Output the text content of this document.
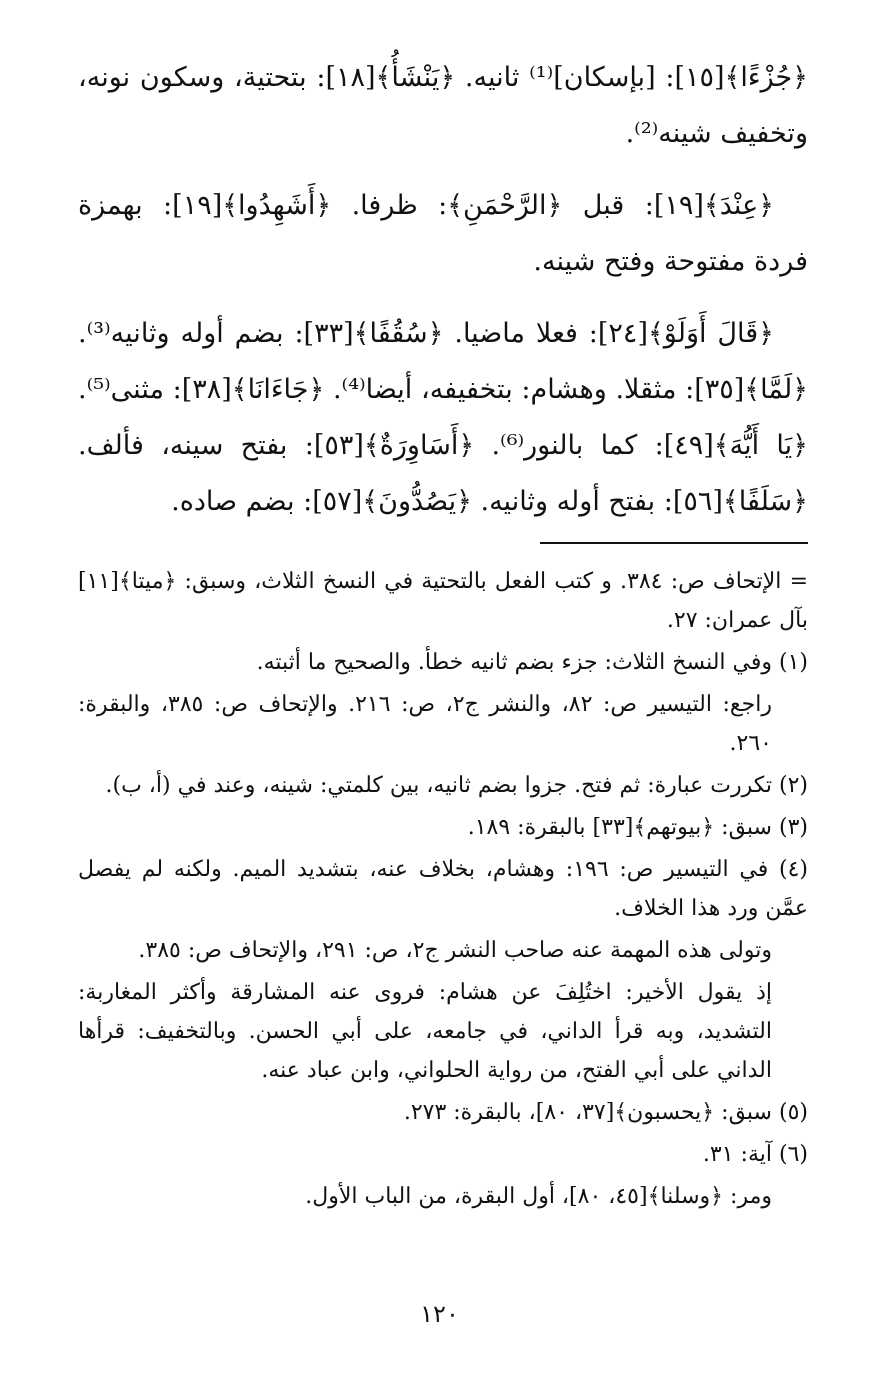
﴿جُزْءًا﴾[١٥]: [بإسكان]⁽¹⁾ ثانيه. ﴿يَنْشَأُ﴾[١٨]: بتحتية، وسكون نونه، وتخفيف شينه⁽²⁾.

﴿عِنْدَ﴾[١٩]: قبل ﴿الرَّحْمَنِ﴾: ظرفا. ﴿أَشَهِدُوا﴾[١٩]: بهمزة فردة مفتوحة وفتح شينه.

﴿قَالَ أَوَلَوْ﴾[٢٤]: فعلا ماضيا. ﴿سُقُفًا﴾[٣٣]: بضم أوله وثانيه⁽³⁾. ﴿لَمَّا﴾[٣٥]: مثقلا. وهشام: بتخفيفه، أيضا⁽⁴⁾. ﴿جَاءَانَا﴾[٣٨]: مثنى⁽⁵⁾. ﴿يَا أَيُّهَ﴾[٤٩]: كما بالنور⁽⁶⁾. ﴿أَسَاوِرَةٌ﴾[٥٣]: بفتح سينه، فألف. ﴿سَلَفًا﴾[٥٦]: بفتح أوله وثانيه. ﴿يَصُدُّونَ﴾[٥٧]: بضم صاده.

= الإتحاف ص: ٣٨٤. و كتب الفعل بالتحتية في النسخ الثلاث، وسبق: ﴿ميتا﴾[١١] بآل عمران: ٢٧.

(١) وفي النسخ الثلاث: جزء بضم ثانيه خطأ. والصحيح ما أثبته.

راجع: التيسير ص: ٨٢، والنشر ج٢، ص: ٢١٦. والإتحاف ص: ٣٨٥، والبقرة: ٢٦٠.

(٢) تكررت عبارة: ثم فتح. جزوا بضم ثانيه، بين كلمتي: شينه، وعند في (أ، ب).

(٣) سبق: ﴿بيوتهم﴾[٣٣] بالبقرة: ١٨٩.

(٤) في التيسير ص: ١٩٦: وهشام، بخلاف عنه، بتشديد الميم. ولكنه لم يفصل عمَّن ورد هذا الخلاف.

وتولى هذه المهمة عنه صاحب النشر ج٢، ص: ٢٩١، والإتحاف ص: ٣٨٥.

إذ يقول الأخير: اختُلِفَ عن هشام: فروى عنه المشارقة وأكثر المغاربة: التشديد، وبه قرأ الداني، في جامعه، على أبي الحسن. وبالتخفيف: قرأها الداني على أبي الفتح، من رواية الحلواني، وابن عباد عنه.

(٥) سبق: ﴿يحسبون﴾[٣٧، ٨٠]، بالبقرة: ٢٧٣.

(٦) آية: ٣١.

ومر: ﴿وسلنا﴾[٤٥، ٨٠]، أول البقرة، من الباب الأول.

١٢٠
